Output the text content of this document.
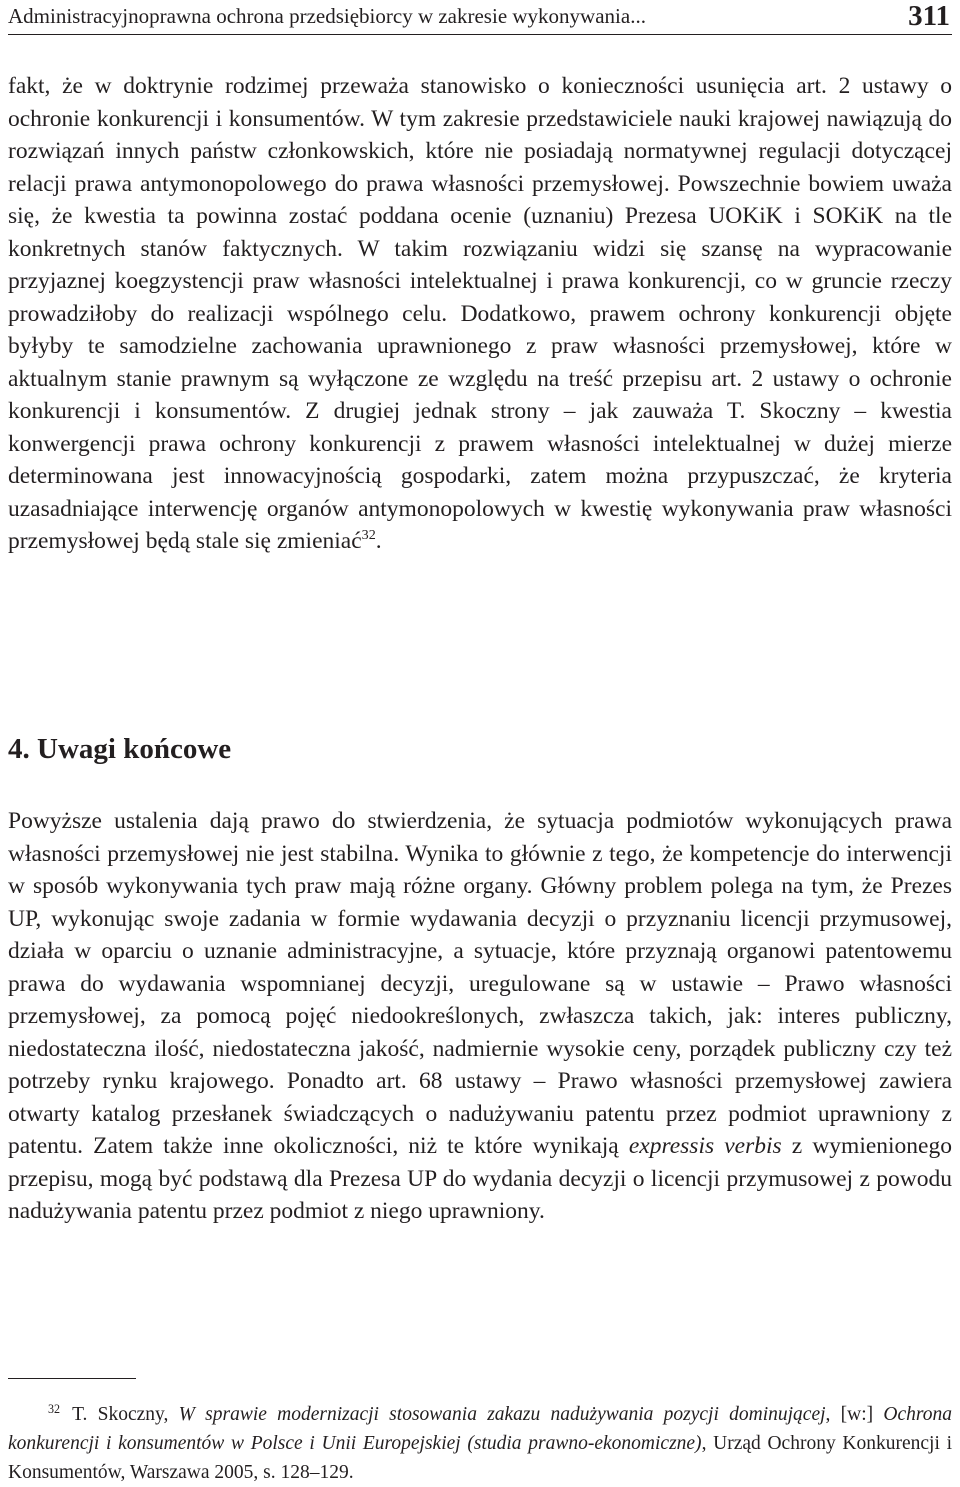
Administracyjnoprawna ochrona przedsiębiorcy w zakresie wykonywania...	311

fakt, że w doktrynie rodzimej przeważa stanowisko o konieczności usunięcia art. 2 ustawy o ochronie konkurencji i konsumentów. W tym zakresie przedstawiciele nauki krajowej nawiązują do rozwiązań innych państw członkowskich, które nie posiadają normatywnej regulacji dotyczącej relacji prawa antymonopolowego do prawa własności przemysłowej. Powszechnie bowiem uważa się, że kwestia ta powinna zostać poddana ocenie (uznaniu) Prezesa UOKiK i SOKiK na tle konkretnych stanów faktycznych. W takim rozwiązaniu widzi się szansę na wypracowanie przyjaznej koegzystencji praw własności intelektualnej i prawa konkurencji, co w gruncie rzeczy prowadziłoby do realizacji wspólnego celu. Dodatkowo, prawem ochrony konkurencji objęte byłyby te samodzielne zachowania uprawnionego z praw własności przemysłowej, które w aktualnym stanie prawnym są wyłączone ze względu na treść przepisu art. 2 ustawy o ochronie konkurencji i konsumentów. Z drugiej jednak strony – jak zauważa T. Skoczny – kwestia konwergencji prawa ochrony konkurencji z prawem własności intelektualnej w dużej mierze determinowana jest innowacyjnością gospodarki, zatem można przypuszczać, że kryteria uzasadniające interwencję organów antymonopolowych w kwestię wykonywania praw własności przemysłowej będą stale się zmieniać$^{32}$.

4. Uwagi końcowe

Powyższe ustalenia dają prawo do stwierdzenia, że sytuacja podmiotów wykonujących prawa własności przemysłowej nie jest stabilna. Wynika to głównie z tego, że kompetencje do interwencji w sposób wykonywania tych praw mają różne organy. Główny problem polega na tym, że Prezes UP, wykonując swoje zadania w formie wydawania decyzji o przyznaniu licencji przymusowej, działa w oparciu o uznanie administracyjne, a sytuacje, które przyznają organowi patentowemu prawa do wydawania wspomnianej decyzji, uregulowane są w ustawie – Prawo własności przemysłowej, za pomocą pojęć niedookreślonych, zwłaszcza takich, jak: interes publiczny, niedostateczna ilość, niedostateczna jakość, nadmiernie wysokie ceny, porządek publiczny czy też potrzeby rynku krajowego. Ponadto art. 68 ustawy – Prawo własności przemysłowej zawiera otwarty katalog przesłanek świadczących o nadużywaniu patentu przez podmiot uprawniony z patentu. Zatem także inne okoliczności, niż te które wynikają expressis verbis z wymienionego przepisu, mogą być podstawą dla Prezesa UP do wydania decyzji o licencji przymusowej z powodu nadużywania patentu przez podmiot z niego uprawniony.

$^{32}$ T. Skoczny, W sprawie modernizacji stosowania zakazu nadużywania pozycji dominującej, [w:] Ochrona konkurencji i konsumentów w Polsce i Unii Europejskiej (studia prawno-ekonomiczne), Urząd Ochrony Konkurencji i Konsumentów, Warszawa 2005, s. 128–129.
